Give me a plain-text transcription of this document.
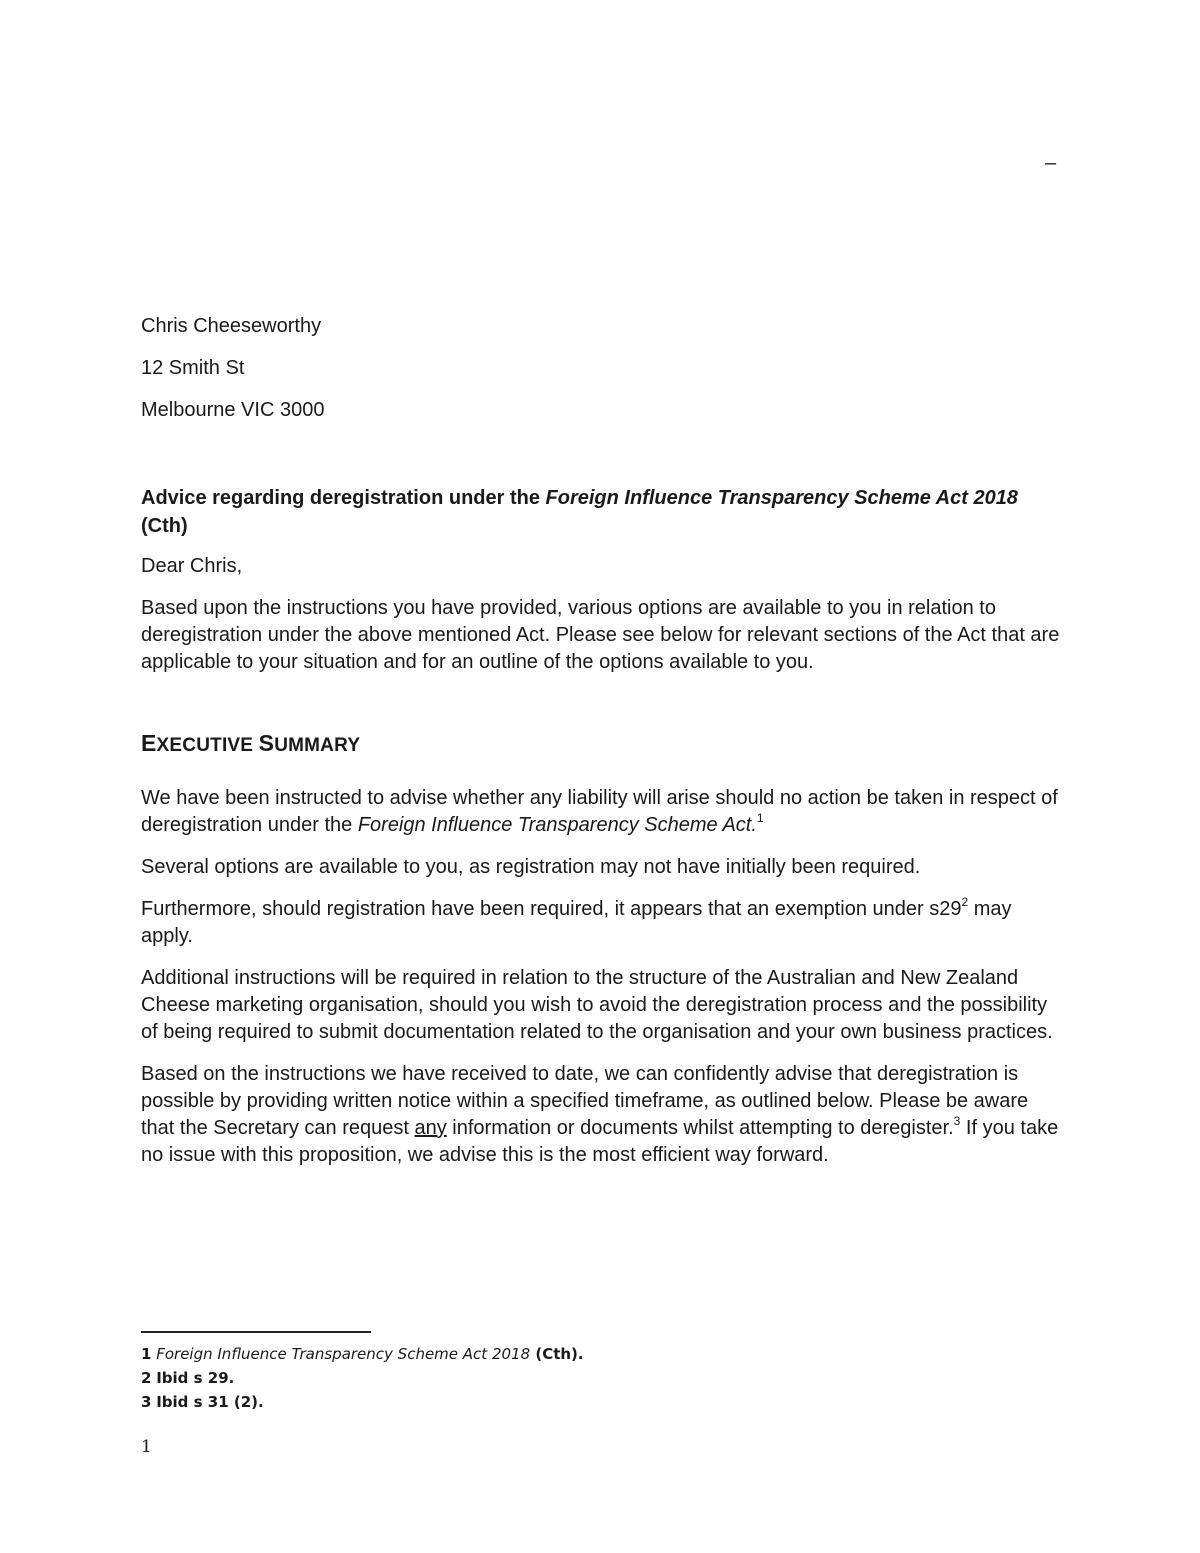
–
Chris Cheeseworthy
12 Smith St
Melbourne VIC 3000
Advice regarding deregistration under the Foreign Influence Transparency Scheme Act 2018 (Cth)
Dear Chris,
Based upon the instructions you have provided, various options are available to you in relation to deregistration under the above mentioned Act. Please see below for relevant sections of the Act that are applicable to your situation and for an outline of the options available to you.
EXECUTIVE SUMMARY
We have been instructed to advise whether any liability will arise should no action be taken in respect of deregistration under the Foreign Influence Transparency Scheme Act.$^1$
Several options are available to you, as registration may not have initially been required.
Furthermore, should registration have been required, it appears that an exemption under $s29^2$ may apply.
Additional instructions will be required in relation to the structure of the Australian and New Zealand Cheese marketing organisation, should you wish to avoid the deregistration process and the possibility of being required to submit documentation related to the organisation and your own business practices.
Based on the instructions we have received to date, we can confidently advise that deregistration is possible by providing written notice within a specified timeframe, as outlined below. Please be aware that the Secretary can request any information or documents whilst attempting to deregister.$^3$ If you take no issue with this proposition, we advise this is the most efficient way forward.
1 Foreign Influence Transparency Scheme Act 2018 (Cth).
2 Ibid s 29.
3 Ibid s 31 (2).
1
